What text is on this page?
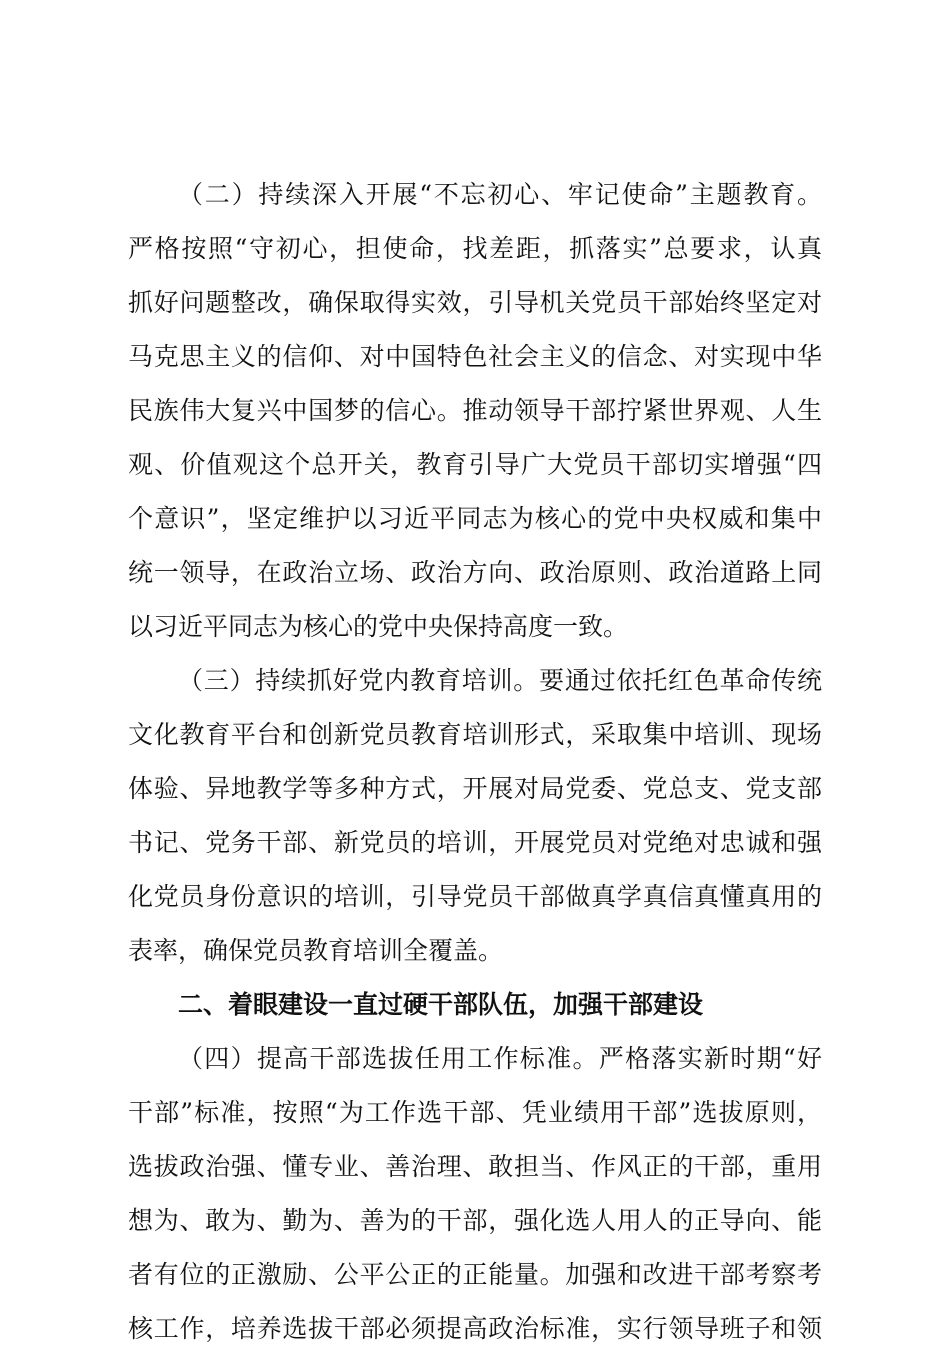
（二）持续深入开展“不忘初心、牢记使命”主题教育。
严格按照“守初心，担使命，找差距，抓落实”总要求，认真
抓好问题整改，确保取得实效，引导机关党员干部始终坚定对
马克思主义的信仰、对中国特色社会主义的信念、对实现中华
民族伟大复兴中国梦的信心。推动领导干部拧紧世界观、人生
观、价值观这个总开关，教育引导广大党员干部切实增强“四
个意识”，坚定维护以习近平同志为核心的党中央权威和集中
统一领导，在政治立场、政治方向、政治原则、政治道路上同
以习近平同志为核心的党中央保持高度一致。
（三）持续抓好党内教育培训。要通过依托红色革命传统
文化教育平台和创新党员教育培训形式，采取集中培训、现场
体验、异地教学等多种方式，开展对局党委、党总支、党支部
书记、党务干部、新党员的培训，开展党员对党绝对忠诚和强
化党员身份意识的培训，引导党员干部做真学真信真懂真用的
表率，确保党员教育培训全覆盖。
二、着眼建设一直过硬干部队伍，加强干部建设
（四）提高干部选拔任用工作标准。严格落实新时期“好
干部”标准，按照“为工作选干部、凭业绩用干部”选拔原则，
选拔政治强、懂专业、善治理、敢担当、作风正的干部，重用
想为、敢为、勤为、善为的干部，强化选人用人的正导向、能
者有位的正激励、公平公正的正能量。加强和改进干部考察考
核工作，培养选拔干部必须提高政治标准，实行领导班子和领
